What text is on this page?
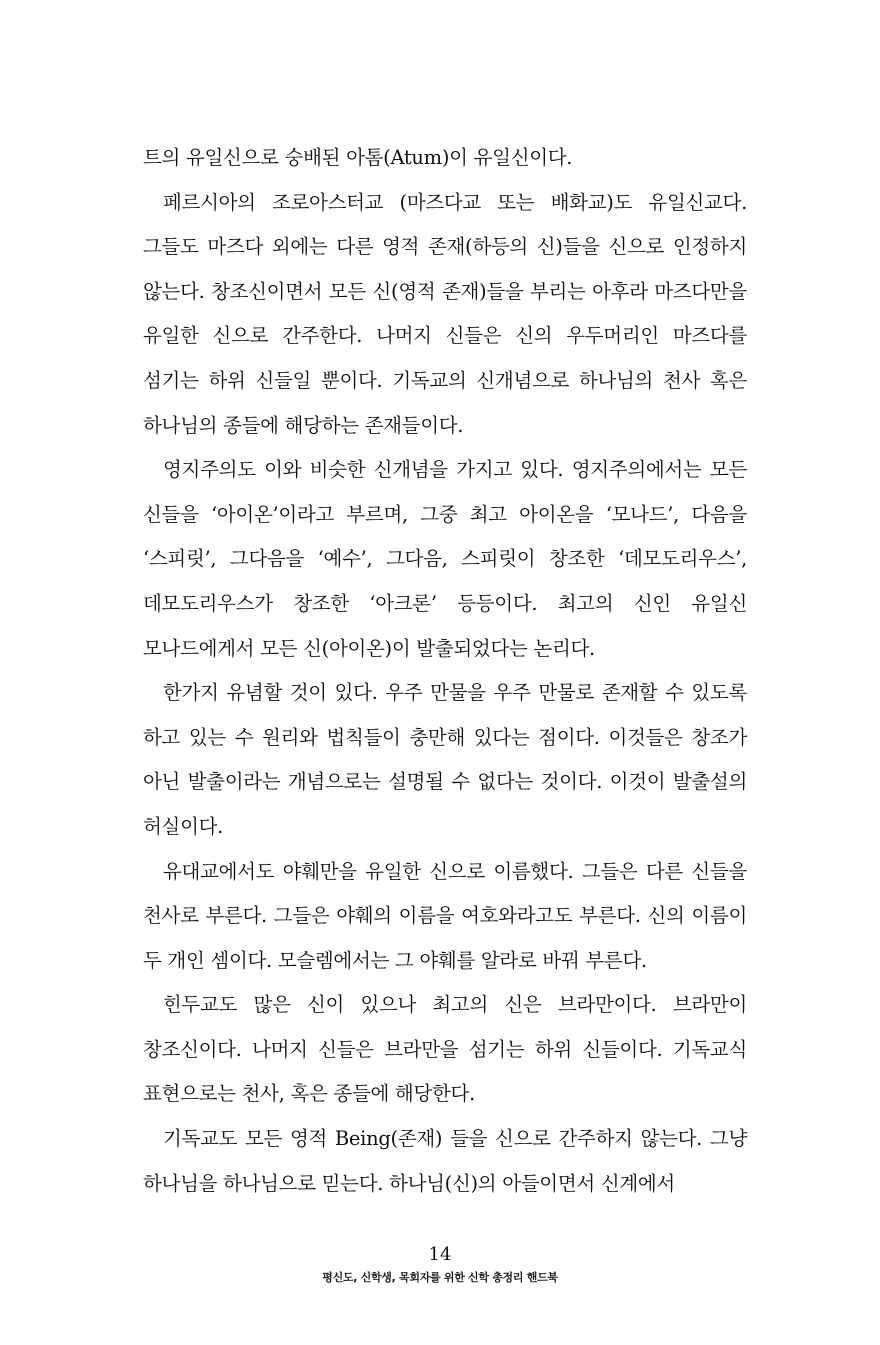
트의 유일신으로 숭배된 아톰(Atum)이 유일신이다.

페르시아의 조로아스터교 (마즈다교 또는 배화교)도 유일신교다. 그들도 마즈다 외에는 다른 영적 존재(하등의 신)들을 신으로 인정하지 않는다. 창조신이면서 모든 신(영적 존재)들을 부리는 아후라 마즈다만을 유일한 신으로 간주한다. 나머지 신들은 신의 우두머리인 마즈다를 섬기는 하위 신들일 뿐이다. 기독교의 신개념으로 하나님의 천사 혹은 하나님의 종들에 해당하는 존재들이다.

영지주의도 이와 비슷한 신개념을 가지고 있다. 영지주의에서는 모든 신들을 ‘아이온’이라고 부르며, 그중 최고 아이온을 ‘모나드’, 다음을 ‘스피릿’, 그다음을 ‘예수’, 그다음, 스피릿이 창조한 ‘데모도리우스’, 데모도리우스가 창조한 ‘아크론’ 등등이다. 최고의 신인 유일신 모나드에게서 모든 신(아이온)이 발출되었다는 논리다.

한가지 유념할 것이 있다. 우주 만물을 우주 만물로 존재할 수 있도록 하고 있는 수 원리와 법칙들이 충만해 있다는 점이다. 이것들은 창조가 아닌 발출이라는 개념으로는 설명될 수 없다는 것이다. 이것이 발출설의 허실이다.

유대교에서도 야훼만을 유일한 신으로 이름했다. 그들은 다른 신들을 천사로 부른다. 그들은 야훼의 이름을 여호와라고도 부른다. 신의 이름이 두 개인 셈이다. 모슬렘에서는 그 야훼를 알라로 바꿔 부른다.

힌두교도 많은 신이 있으나 최고의 신은 브라만이다. 브라만이 창조신이다. 나머지 신들은 브라만을 섬기는 하위 신들이다. 기독교식 표현으로는 천사, 혹은 종들에 해당한다.

기독교도 모든 영적 Being(존재) 들을 신으로 간주하지 않는다. 그냥 하나님을 하나님으로 믿는다. 하나님(신)의 아들이면서 신계에서

14
평신도, 신학생, 목회자를 위한 신학 총정리 핸드북
